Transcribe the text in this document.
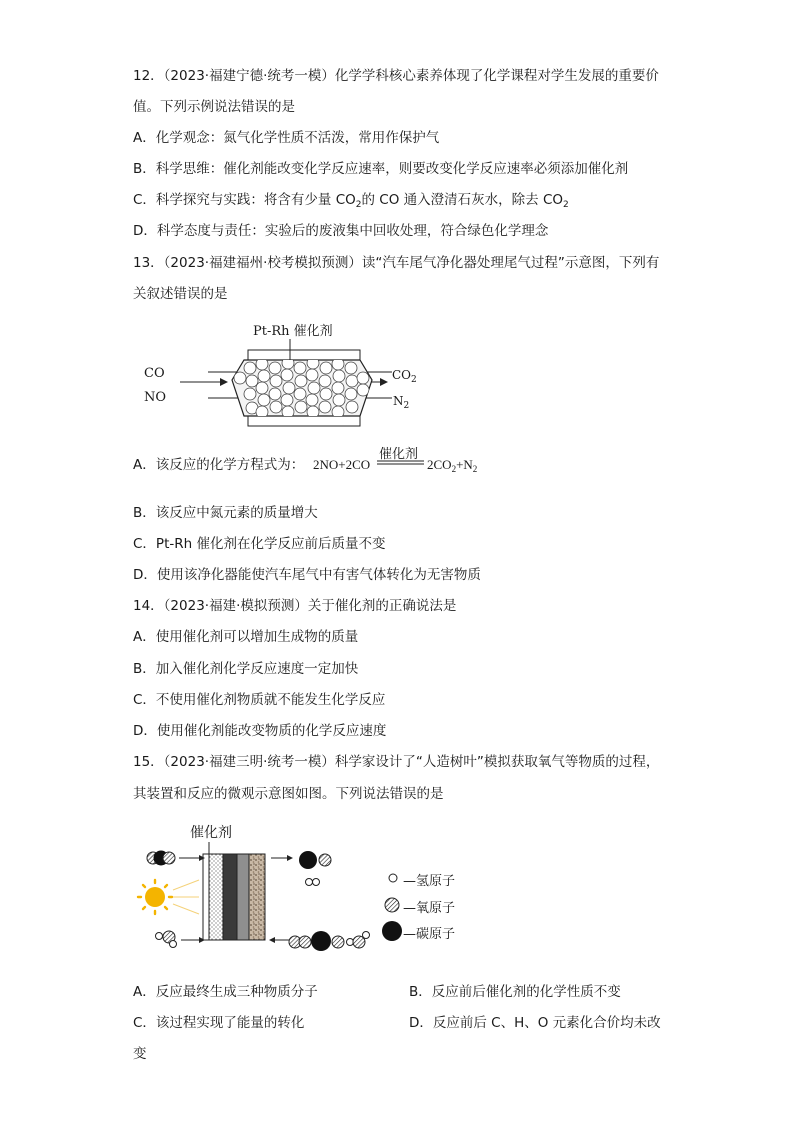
12．（2023·福建宁德·统考一模）化学学科核心素养体现了化学课程对学生发展的重要价
值。下列示例说法错误的是
A．化学观念：氮气化学性质不活泼，常用作保护气
B．科学思维：催化剂能改变化学反应速率，则要改变化学反应速率必须添加催化剂
C．科学探究与实践：将含有少量 $CO_2$的 CO 通入澄清石灰水，除去 $CO_2$
D．科学态度与责任：实验后的废液集中回收处理，符合绿色化学理念
13．（2023·福建福州·校考模拟预测）读“汽车尾气净化器处理尾气过程”示意图，下列有
关叙述错误的是
Pt-Rh 催化剂
CO
NO
$CO_2$
$N_2$
A．该反应的化学方程式为： 2NO+2CO
催化剂
$2CO_2+N_2$
B．该反应中氮元素的质量增大
C．Pt-Rh 催化剂在化学反应前后质量不变
D．使用该净化器能使汽车尾气中有害气体转化为无害物质
14．（2023·福建·模拟预测）关于催化剂的正确说法是
A．使用催化剂可以增加生成物的质量
B．加入催化剂化学反应速度一定加快
C．不使用催化剂物质就不能发生化学反应
D．使用催化剂能改变物质的化学反应速度
15．（2023·福建三明·统考一模）科学家设计了“人造树叶”模拟获取氧气等物质的过程，
其装置和反应的微观示意图如图。下列说法错误的是
催化剂
—氢原子
—氧原子
—碳原子
A．反应最终生成三种物质分子	B．反应前后催化剂的化学性质不变
C．该过程实现了能量的转化	D．反应前后 C、H、O 元素化合价均未改
变
